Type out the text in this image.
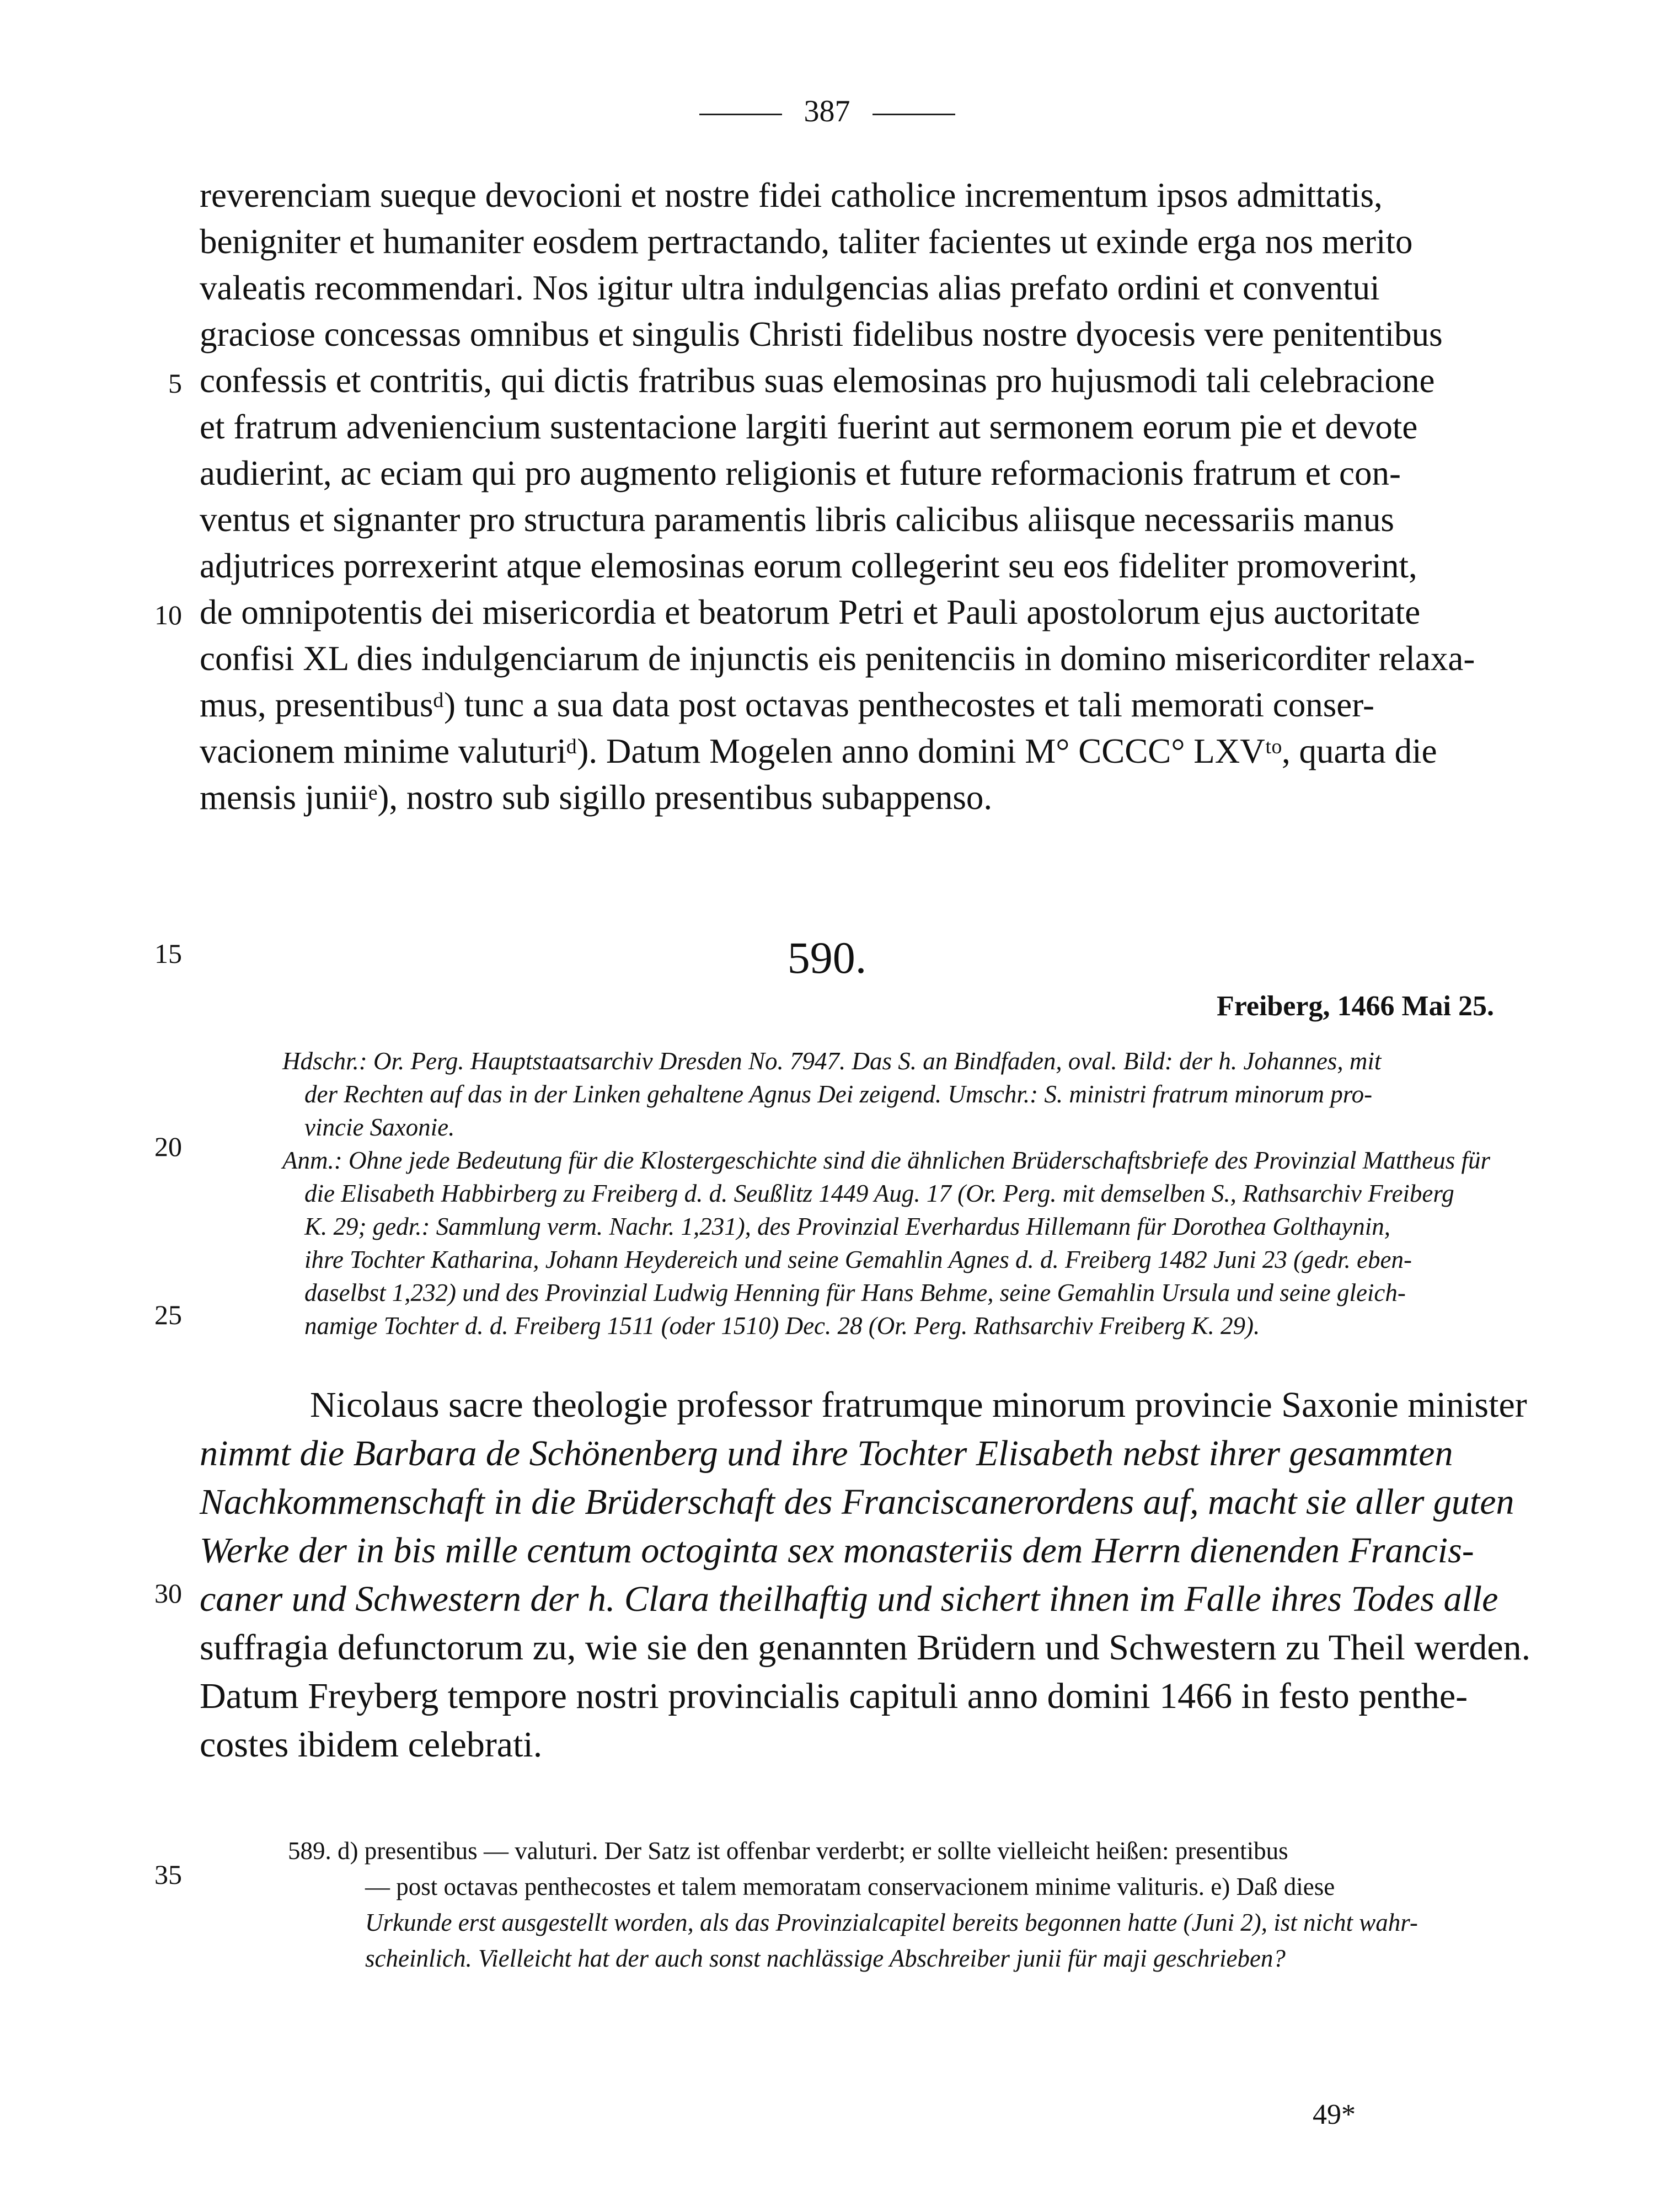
387
reverenciam sueque devocioni et nostre fidei catholice incrementum ipsos admittatis,
benigniter et humaniter eosdem pertractando, taliter facientes ut exinde erga nos merito
valeatis recommendari. Nos igitur ultra indulgencias alias prefato ordini et conventui
graciose concessas omnibus et singulis Christi fidelibus nostre dyocesis vere penitentibus
confessis et contritis, qui dictis fratribus suas elemosinas pro hujusmodi tali celebracione
et fratrum adveniencium sustentacione largiti fuerint aut sermonem eorum pie et devote
audierint, ac eciam qui pro augmento religionis et future reformacionis fratrum et con-
ventus et signanter pro structura paramentis libris calicibus aliisque necessariis manus
adjutrices porrexerint atque elemosinas eorum collegerint seu eos fideliter promoverint,
de omnipotentis dei misericordia et beatorum Petri et Pauli apostolorum ejus auctoritate
confisi XL dies indulgenciarum de injunctis eis penitenciis in domino misericorditer relaxa-
mus, presentibusᵈ) tunc a sua data post octavas penthecostes et tali memorati conser-
vacionem minime valuturiᵈ). Datum Mogelen anno domini M° CCCC° LXVᵗᵒ, quarta die
mensis juniiᵉ), nostro sub sigillo presentibus subappenso.
5
10
15
20
25
30
35
590.
Freiberg, 1466 Mai 25.
Hdschr.: Or. Perg. Hauptstaatsarchiv Dresden No. 7947. Das S. an Bindfaden, oval. Bild: der h. Johannes, mit
der Rechten auf das in der Linken gehaltene Agnus Dei zeigend. Umschr.: S. ministri fratrum minorum pro-
vincie Saxonie.
Anm.: Ohne jede Bedeutung für die Klostergeschichte sind die ähnlichen Brüderschaftsbriefe des Provinzial Mattheus für
die Elisabeth Habbirberg zu Freiberg d. d. Seußlitz 1449 Aug. 17 (Or. Perg. mit demselben S., Rathsarchiv Freiberg
K. 29; gedr.: Sammlung verm. Nachr. 1,231), des Provinzial Everhardus Hillemann für Dorothea Golthaynin,
ihre Tochter Katharina, Johann Heydereich und seine Gemahlin Agnes d. d. Freiberg 1482 Juni 23 (gedr. eben-
daselbst 1,232) und des Provinzial Ludwig Henning für Hans Behme, seine Gemahlin Ursula und seine gleich-
namige Tochter d. d. Freiberg 1511 (oder 1510) Dec. 28 (Or. Perg. Rathsarchiv Freiberg K. 29).
Nicolaus sacre theologie professor fratrumque minorum provincie Saxonie minister
nimmt die Barbara de Schönenberg und ihre Tochter Elisabeth nebst ihrer gesammten
Nachkommenschaft in die Brüderschaft des Franciscanerordens auf, macht sie aller guten
Werke der in bis mille centum octoginta sex monasteriis dem Herrn dienenden Francis-
caner und Schwestern der h. Clara theilhaftig und sichert ihnen im Falle ihres Todes alle
suffragia defunctorum zu, wie sie den genannten Brüdern und Schwestern zu Theil werden.
Datum Freyberg tempore nostri provincialis capituli anno domini 1466 in festo penthe-
costes ibidem celebrati.
589. d) presentibus — valuturi. Der Satz ist offenbar verderbt; er sollte vielleicht heißen: presentibus
— post octavas penthecostes et talem memoratam conservacionem minime valituris. e) Daß diese
Urkunde erst ausgestellt worden, als das Provinzialcapitel bereits begonnen hatte (Juni 2), ist nicht wahr-
scheinlich. Vielleicht hat der auch sonst nachlässige Abschreiber junii für maji geschrieben?
49*
